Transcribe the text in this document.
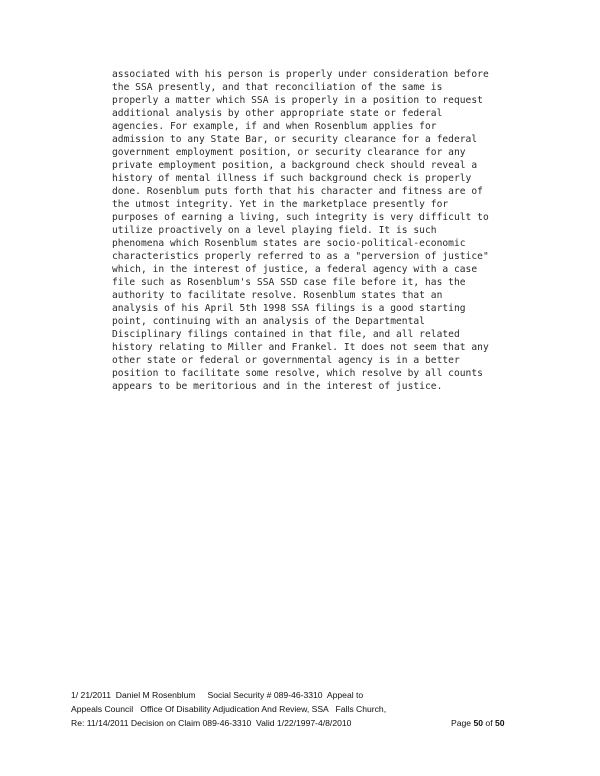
associated with his person is properly under consideration before
the SSA presently, and that reconciliation of the same is
properly a matter which SSA is properly in a position to request
additional analysis by other appropriate state or federal
agencies. For example, if and when Rosenblum applies for
admission to any State Bar, or security clearance for a federal
government employment position, or security clearance for any
private employment position, a background check should reveal a
history of mental illness if such background check is properly
done. Rosenblum puts forth that his character and fitness are of
the utmost integrity. Yet in the marketplace presently for
purposes of earning a living, such integrity is very difficult to
utilize proactively on a level playing field. It is such
phenomena which Rosenblum states are socio-political-economic
characteristics properly referred to as a "perversion of justice"
which, in the interest of justice, a federal agency with a case
file such as Rosenblum's SSA SSD case file before it, has the
authority to facilitate resolve. Rosenblum states that an
analysis of his April 5th 1998 SSA filings is a good starting
point, continuing with an analysis of the Departmental
Disciplinary filings contained in that file, and all related
history relating to Miller and Frankel. It does not seem that any
other state or federal or governmental agency is in a better
position to facilitate some resolve, which resolve by all counts
appears to be meritorious and in the interest of justice.

1/ 21/2011  Daniel M Rosenblum     Social Security # 089-46-3310  Appeal to
Appeals Council   Office Of Disability Adjudication And Review, SSA   Falls Church,
Re: 11/14/2011 Decision on Claim 089-46-3310  Valid 1/22/1997-4/8/2010	Page 50 of 50
